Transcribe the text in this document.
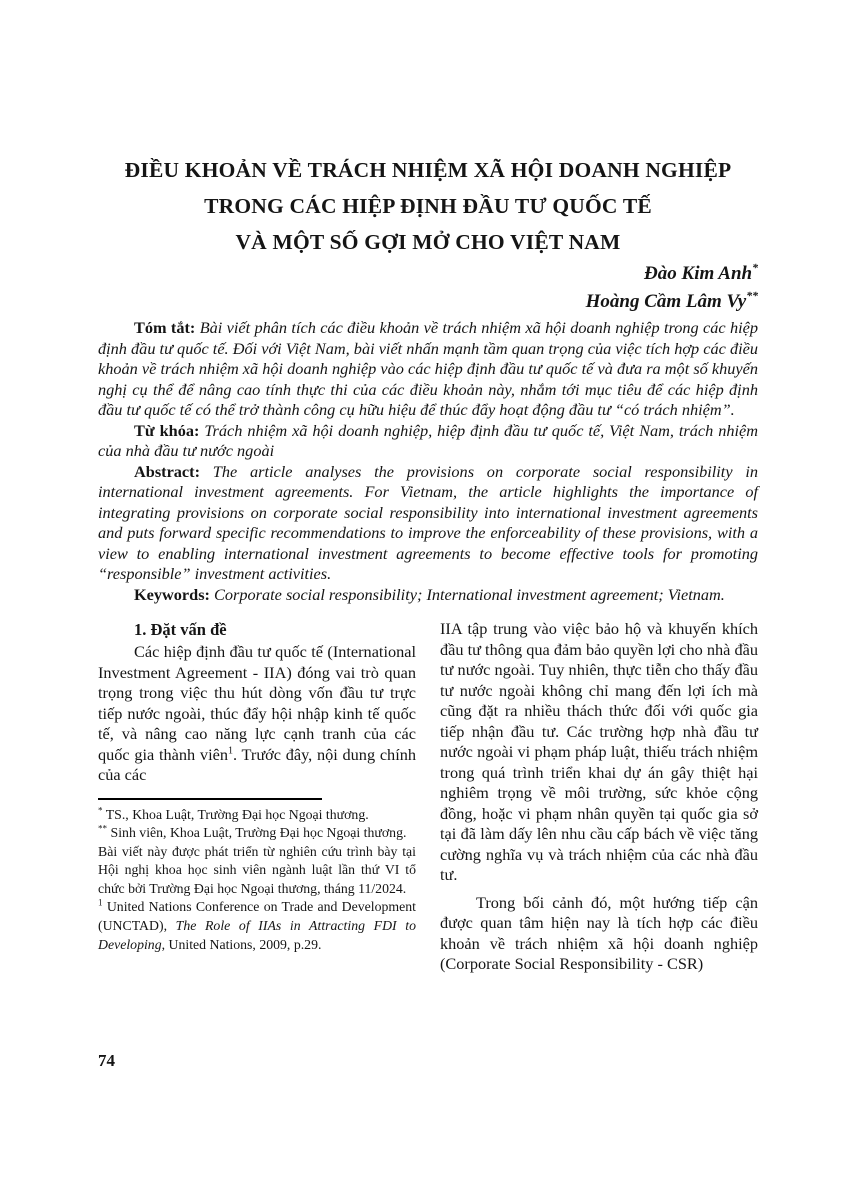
ĐIỀU KHOẢN VỀ TRÁCH NHIỆM XÃ HỘI DOANH NGHIỆP
TRONG CÁC HIỆP ĐỊNH ĐẦU TƯ QUỐC TẾ
VÀ MỘT SỐ GỢI MỞ CHO VIỆT NAM
Đào Kim Anh*
Hoàng Cầm Lâm Vy**

Tóm tắt: Bài viết phân tích các điều khoản về trách nhiệm xã hội doanh nghiệp trong các hiệp định đầu tư quốc tế. Đối với Việt Nam, bài viết nhấn mạnh tầm quan trọng của việc tích hợp các điều khoản về trách nhiệm xã hội doanh nghiệp vào các hiệp định đầu tư quốc tế và đưa ra một số khuyến nghị cụ thể để nâng cao tính thực thi của các điều khoản này, nhắm tới mục tiêu để các hiệp định đầu tư quốc tế có thể trở thành công cụ hữu hiệu để thúc đẩy hoạt động đầu tư “có trách nhiệm”.

Từ khóa: Trách nhiệm xã hội doanh nghiệp, hiệp định đầu tư quốc tế, Việt Nam, trách nhiệm của nhà đầu tư nước ngoài

Abstract: The article analyses the provisions on corporate social responsibility in international investment agreements. For Vietnam, the article highlights the importance of integrating provisions on corporate social responsibility into international investment agreements and puts forward specific recommendations to improve the enforceability of these provisions, with a view to enabling international investment agreements to become effective tools for promoting “responsible” investment activities.

Keywords: Corporate social responsibility; International investment agreement; Vietnam.

1. Đặt vấn đề

Các hiệp định đầu tư quốc tế (International Investment Agreement - IIA) đóng vai trò quan trọng trong việc thu hút dòng vốn đầu tư trực tiếp nước ngoài, thúc đẩy hội nhập kinh tế quốc tế, và nâng cao năng lực cạnh tranh của các quốc gia thành viên$^1$. Trước đây, nội dung chính của các

* TS., Khoa Luật, Trường Đại học Ngoại thương.

** Sinh viên, Khoa Luật, Trường Đại học Ngoại thương.

Bài viết này được phát triển từ nghiên cứu trình bày tại Hội nghị khoa học sinh viên ngành luật lần thứ VI tổ chức bởi Trường Đại học Ngoại thương, tháng 11/2024.

$^1$ United Nations Conference on Trade and Development (UNCTAD), The Role of IIAs in Attracting FDI to Developing, United Nations, 2009, p.29.

IIA tập trung vào việc bảo hộ và khuyến khích đầu tư thông qua đảm bảo quyền lợi cho nhà đầu tư nước ngoài. Tuy nhiên, thực tiễn cho thấy đầu tư nước ngoài không chỉ mang đến lợi ích mà cũng đặt ra nhiều thách thức đối với quốc gia tiếp nhận đầu tư. Các trường hợp nhà đầu tư nước ngoài vi phạm pháp luật, thiếu trách nhiệm trong quá trình triển khai dự án gây thiệt hại nghiêm trọng về môi trường, sức khỏe cộng đồng, hoặc vi phạm nhân quyền tại quốc gia sở tại đã làm dấy lên nhu cầu cấp bách về việc tăng cường nghĩa vụ và trách nhiệm của các nhà đầu tư.

Trong bối cảnh đó, một hướng tiếp cận được quan tâm hiện nay là tích hợp các điều khoản về trách nhiệm xã hội doanh nghiệp (Corporate Social Responsibility - CSR)

74
